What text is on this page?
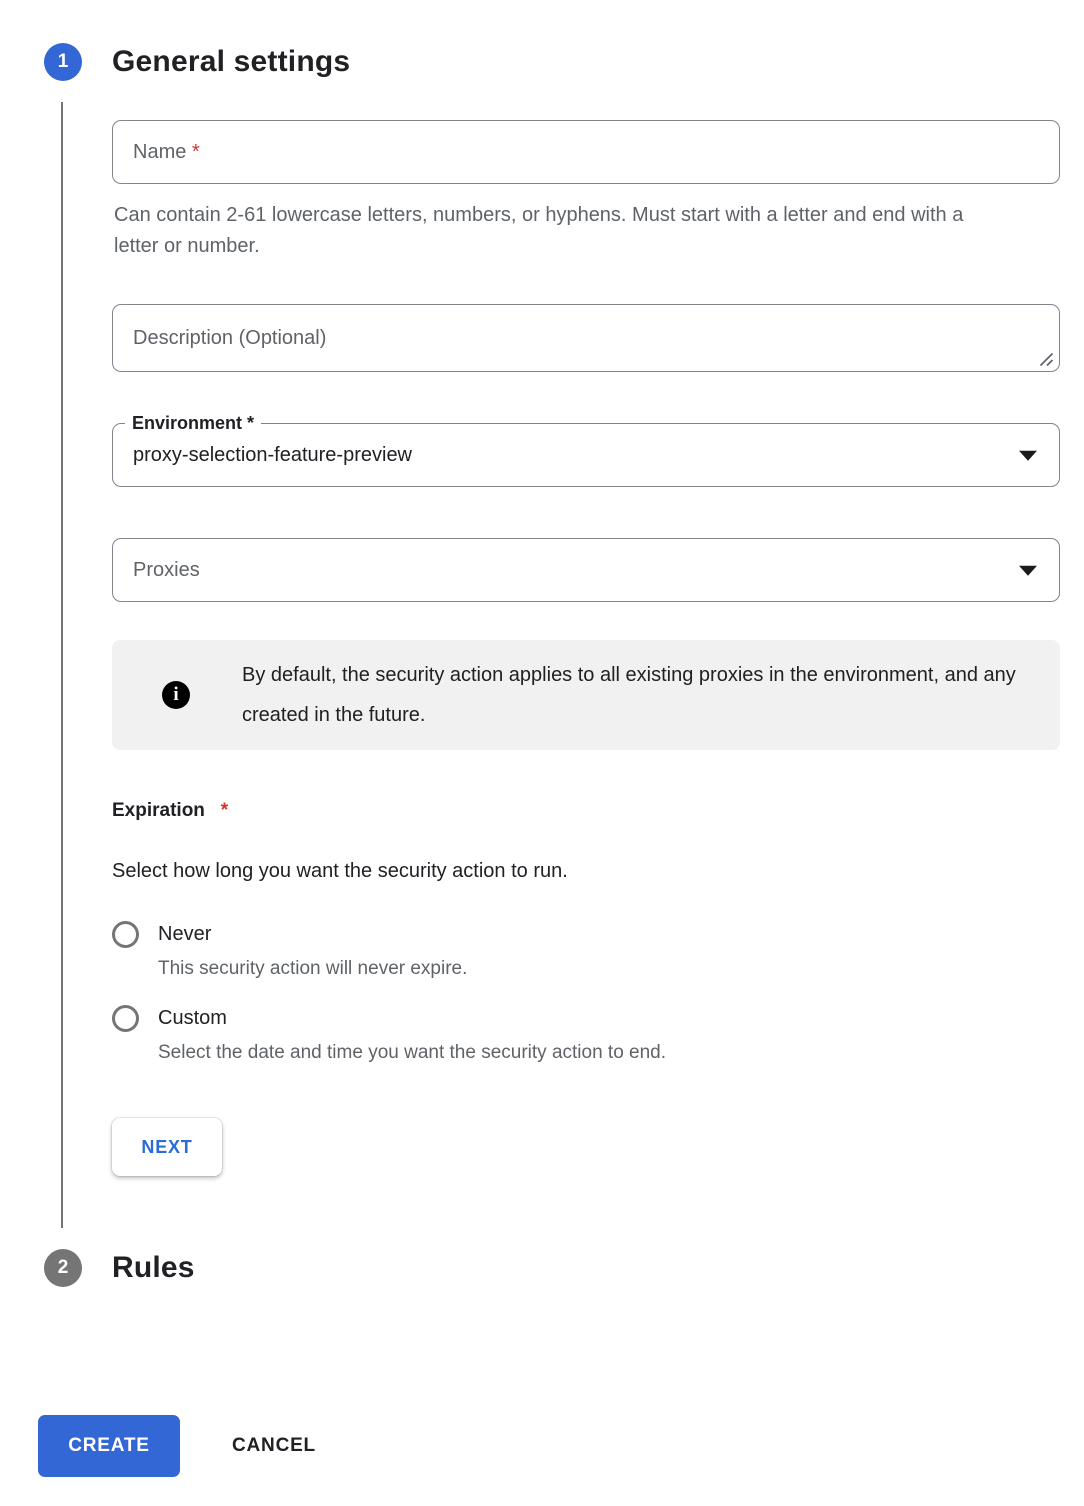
1 General settings
Name
*
Can contain 2-61 lowercase letters, numbers, or hyphens. Must start with a letter and end with a letter or number.
Description (Optional)
Environment *
proxy-selection-feature-preview
Proxies
i
By default, the security action applies to all existing proxies in the environment, and any created in the future.
Expiration *
Select how long you want the security action to run.
Never
This security action will never expire.
Custom
Select the date and time you want the security action to end.
NEXT
2 Rules
CREATE	CANCEL
